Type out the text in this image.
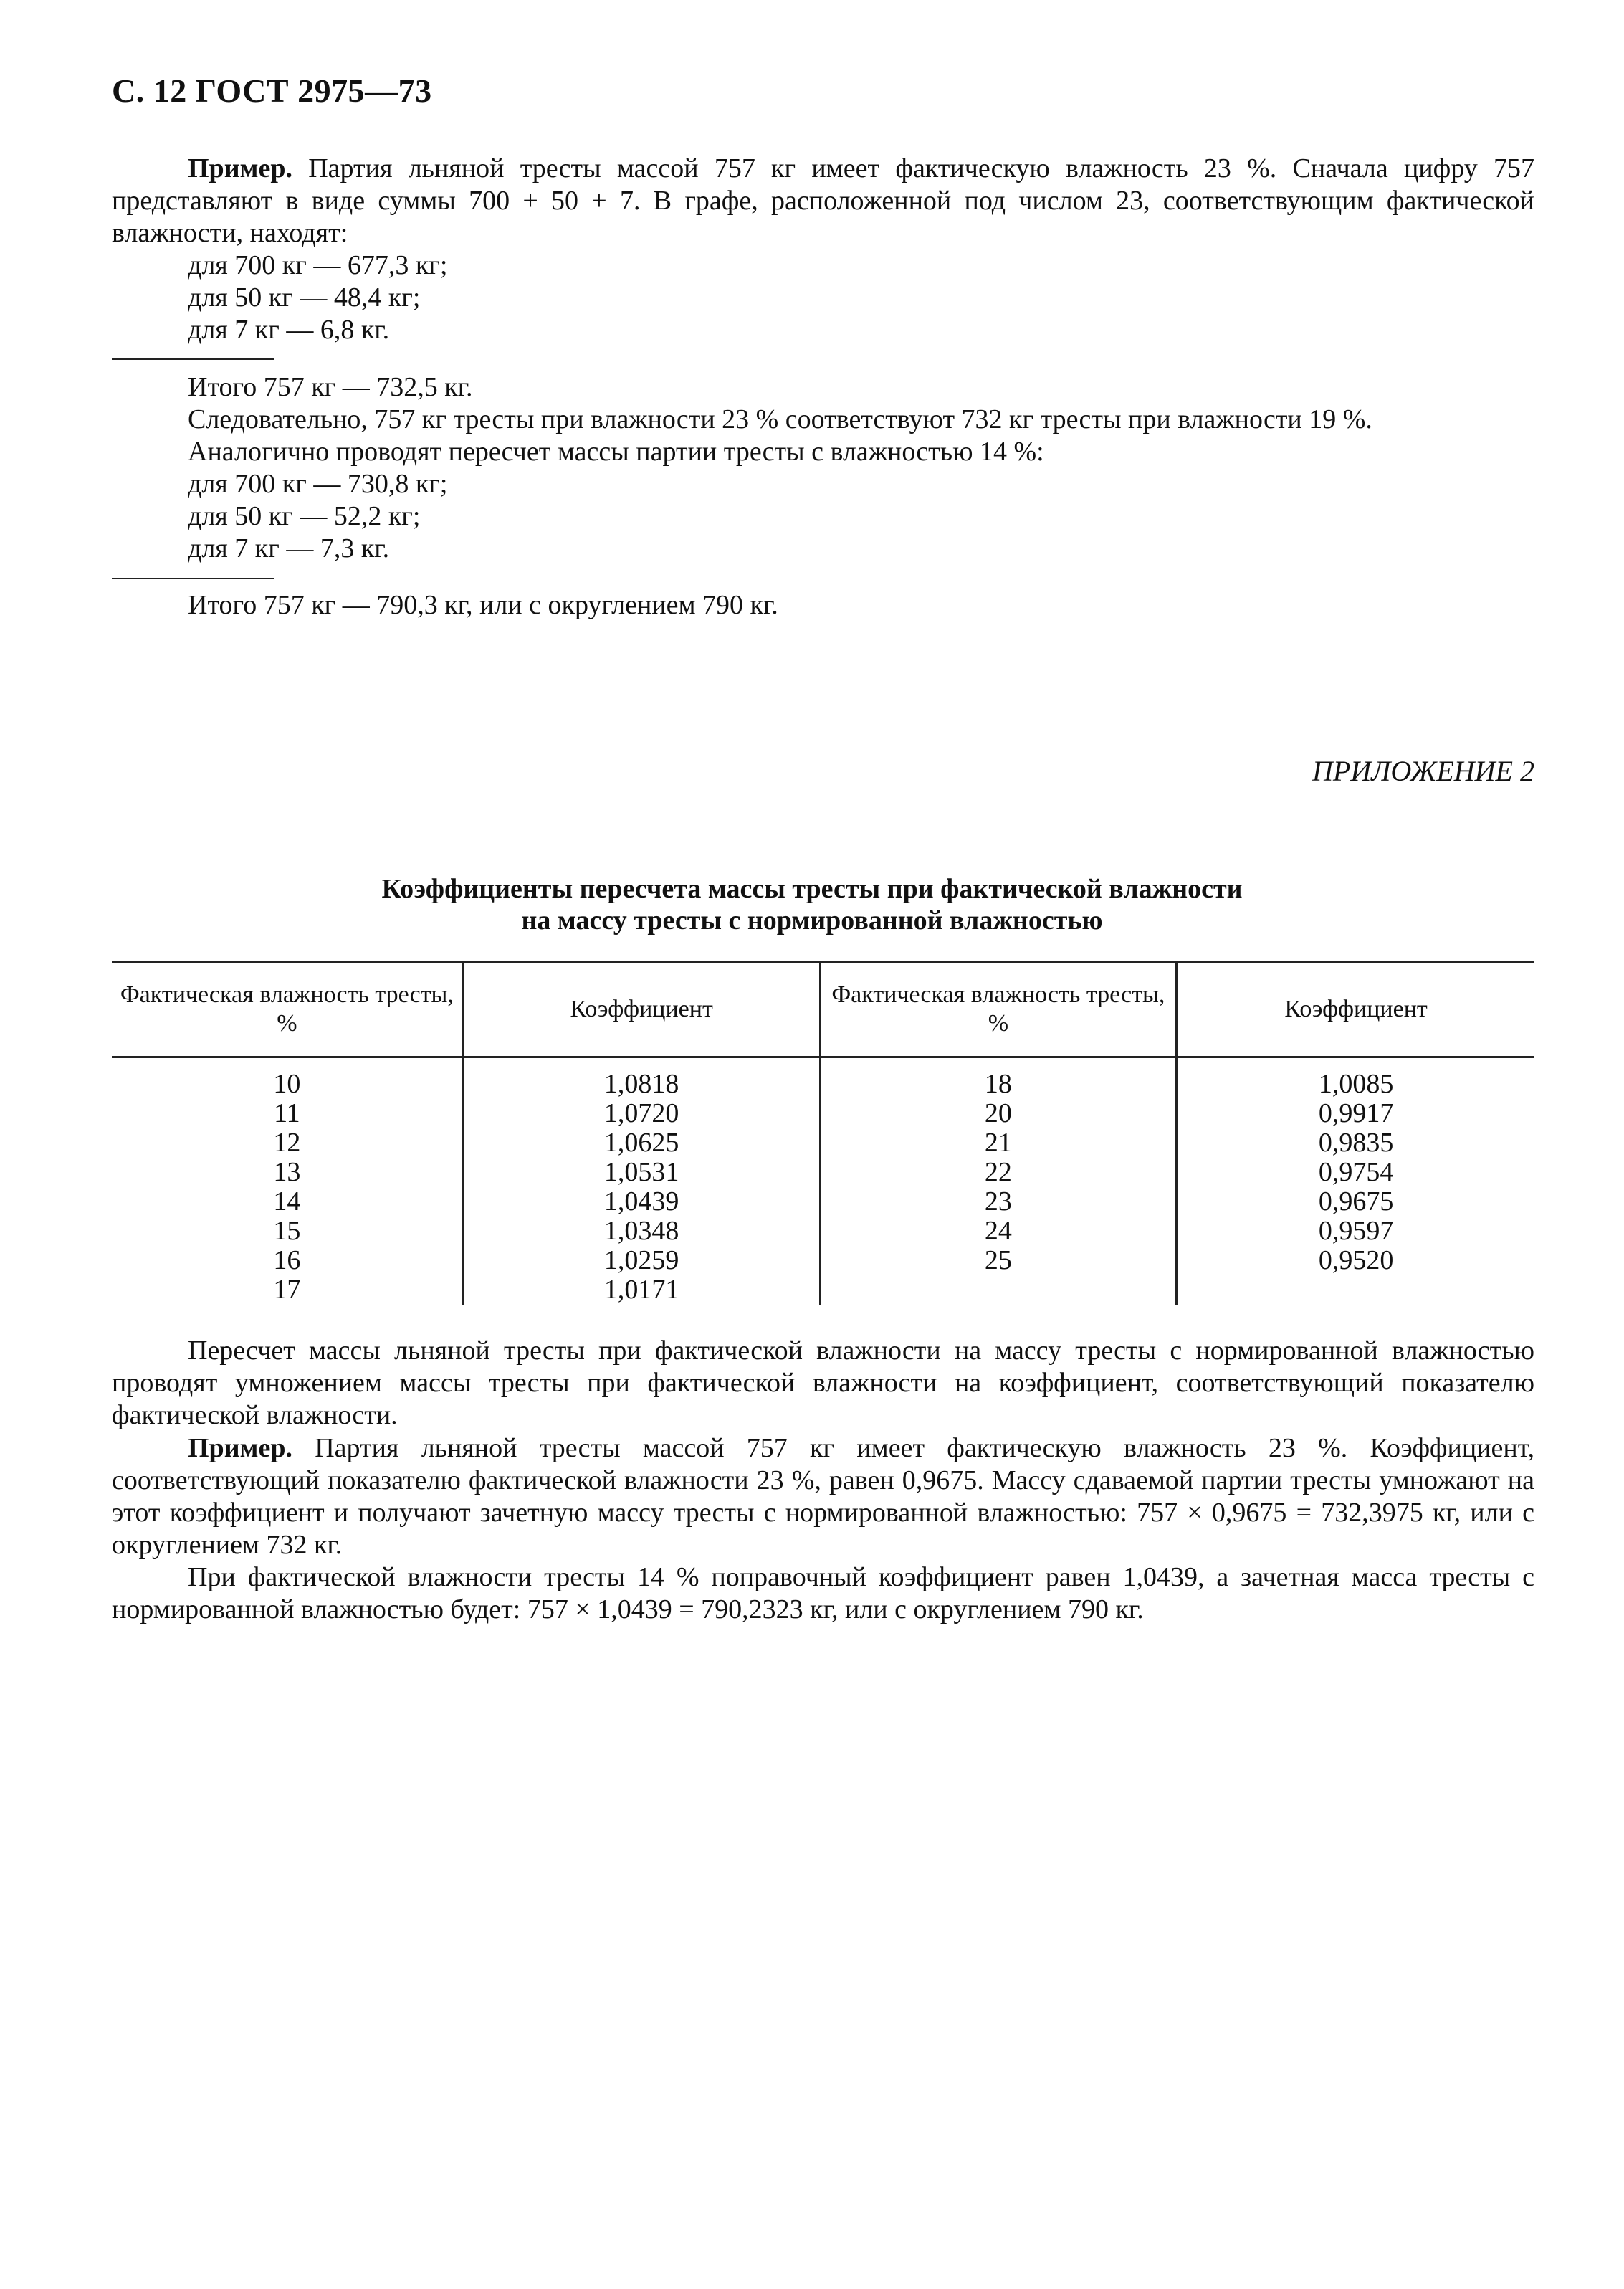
С. 12 ГОСТ 2975—73
Пример. Партия льняной тресты массой 757 кг имеет фактическую влажность 23 %. Сначала цифру 757 представляют в виде суммы 700 + 50 + 7. В графе, расположенной под числом 23, соответствующим фактической влажности, находят:
для 700 кг — 677,3 кг;
для 50 кг — 48,4 кг;
для 7 кг — 6,8 кг.
Итого 757 кг — 732,5 кг.
Следовательно, 757 кг тресты при влажности 23 % соответствуют 732 кг тресты при влажности 19 %.
Аналогично проводят пересчет массы партии тресты с влажностью 14 %:
для 700 кг — 730,8 кг;
для 50 кг — 52,2 кг;
для 7 кг — 7,3 кг.
Итого 757 кг — 790,3 кг, или с округлением 790 кг.
ПРИЛОЖЕНИЕ 2
Коэффициенты пересчета массы тресты при фактической влажности
на массу тресты с нормированной влажностью
Фактическая влажность тресты, %	Коэффициент	Фактическая влажность тресты, %	Коэффициент
10	1,0818	18	1,0085
11	1,0720	20	0,9917
12	1,0625	21	0,9835
13	1,0531	22	0,9754
14	1,0439	23	0,9675
15	1,0348	24	0,9597
16	1,0259	25	0,9520
17	1,0171		
Пересчет массы льняной тресты при фактической влажности на массу тресты с нормированной влажностью проводят умножением массы тресты при фактической влажности на коэффициент, соответствующий показателю фактической влажности.
Пример. Партия льняной тресты массой 757 кг имеет фактическую влажность 23 %. Коэффициент, соответствующий показателю фактической влажности 23 %, равен 0,9675. Массу сдаваемой партии тресты умножают на этот коэффициент и получают зачетную массу тресты с нормированной влажностью: 757 × 0,9675 = 732,3975 кг, или с округлением 732 кг.
При фактической влажности тресты 14 % поправочный коэффициент равен 1,0439, а зачетная масса тресты с нормированной влажностью будет: 757 × 1,0439 = 790,2323 кг, или с округлением 790 кг.
